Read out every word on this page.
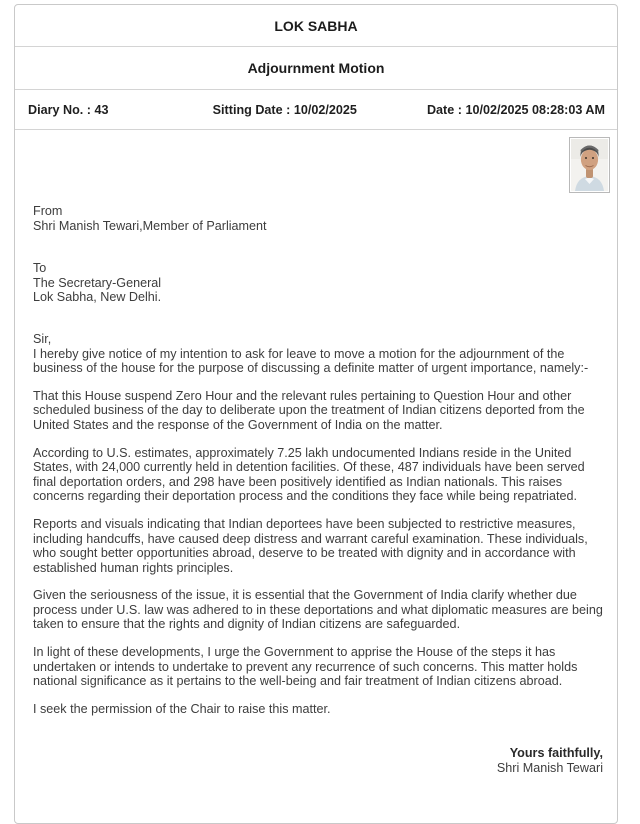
LOK SABHA
Adjournment Motion
Diary No. : 43	Sitting Date : 10/02/2025	Date : 10/02/2025 08:28:03 AM
From
Shri Manish Tewari,Member of Parliament
To
The Secretary-General
Lok Sabha, New Delhi.
Sir,

I hereby give notice of my intention to ask for leave to move a motion for the adjournment of the business of the house for the purpose of discussing a definite matter of urgent importance, namely:-

That this House suspend Zero Hour and the relevant rules pertaining to Question Hour and other scheduled business of the day to deliberate upon the treatment of Indian citizens deported from the United States and the response of the Government of India on the matter.

According to U.S. estimates, approximately 7.25 lakh undocumented Indians reside in the United States, with 24,000 currently held in detention facilities. Of these, 487 individuals have been served final deportation orders, and 298 have been positively identified as Indian nationals. This raises concerns regarding their deportation process and the conditions they face while being repatriated.

Reports and visuals indicating that Indian deportees have been subjected to restrictive measures, including handcuffs, have caused deep distress and warrant careful examination. These individuals, who sought better opportunities abroad, deserve to be treated with dignity and in accordance with established human rights principles.

Given the seriousness of the issue, it is essential that the Government of India clarify whether due process under U.S. law was adhered to in these deportations and what diplomatic measures are being taken to ensure that the rights and dignity of Indian citizens are safeguarded.

In light of these developments, I urge the Government to apprise the House of the steps it has undertaken or intends to undertake to prevent any recurrence of such concerns. This matter holds national significance as it pertains to the well-being and fair treatment of Indian citizens abroad.

I seek the permission of the Chair to raise this matter.

Yours faithfully,
Shri Manish Tewari
